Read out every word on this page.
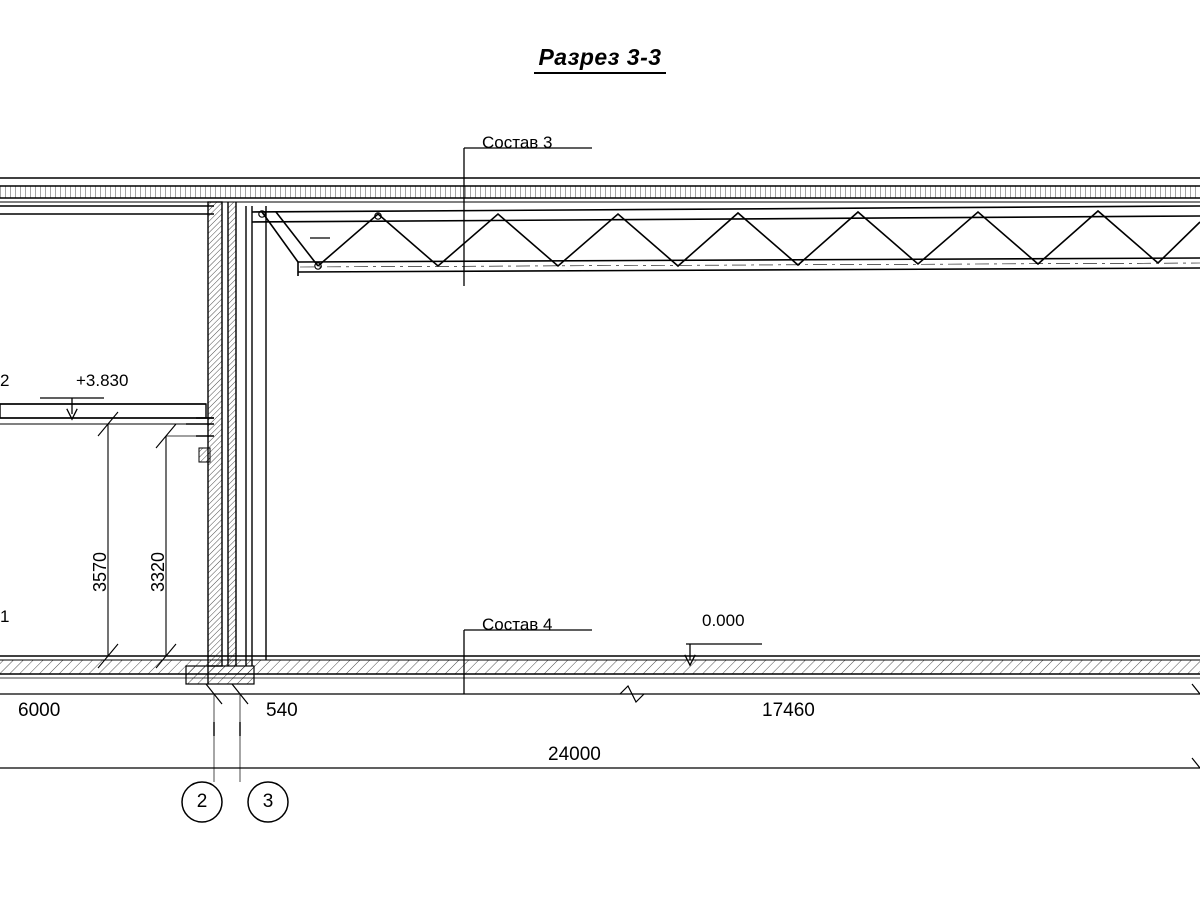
Разрез 3-3
Состав 3
Состав 4	0.000
+3.830
2
1
3570 3320
6000	540	17460
24000
2	3
